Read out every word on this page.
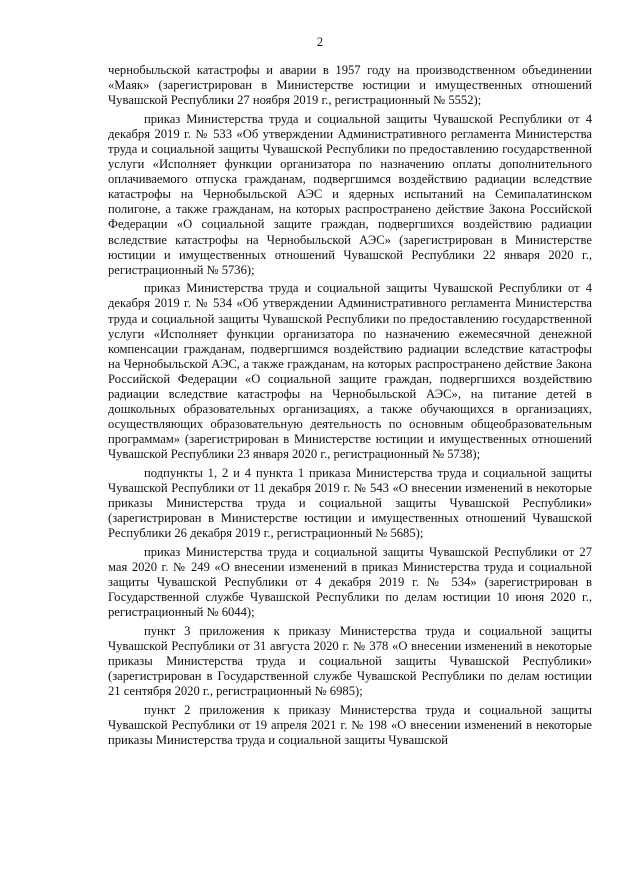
2

чернобыльской катастрофы и аварии в 1957 году на производственном объединении «Маяк» (зарегистрирован в Министерстве юстиции и имущественных отношений Чувашской Республики 27 ноября 2019 г., регистрационный № 5552);

приказ Министерства труда и социальной защиты Чувашской Республики от 4 декабря 2019 г. № 533 «Об утверждении Административного регламента Министерства труда и социальной защиты Чувашской Республики по предоставлению государственной услуги «Исполняет функции организатора по назначению оплаты дополнительного оплачиваемого отпуска гражданам, подвергшимся воздействию радиации вследствие катастрофы на Чернобыльской АЭС и ядерных испытаний на Семипалатинском полигоне, а также гражданам, на которых распространено действие Закона Российской Федерации «О социальной защите граждан, подвергшихся воздействию радиации вследствие катастрофы на Чернобыльской АЭС» (зарегистрирован в Министерстве юстиции и имущественных отношений Чувашской Республики 22 января 2020 г., регистрационный № 5736);

приказ Министерства труда и социальной защиты Чувашской Республики от 4 декабря 2019 г. № 534 «Об утверждении Административного регламента Министерства труда и социальной защиты Чувашской Республики по предоставлению государственной услуги «Исполняет функции организатора по назначению ежемесячной денежной компенсации гражданам, подвергшимся воздействию радиации вследствие катастрофы на Чернобыльской АЭС, а также гражданам, на которых распространено действие Закона Российской Федерации «О социальной защите граждан, подвергшихся воздействию радиации вследствие катастрофы на Чернобыльской АЭС», на питание детей в дошкольных образовательных организациях, а также обучающихся в организациях, осуществляющих образовательную деятельность по основным общеобразовательным программам» (зарегистрирован в Министерстве юстиции и имущественных отношений Чувашской Республики 23 января 2020 г., регистрационный № 5738);

подпункты 1, 2 и 4 пункта 1 приказа Министерства труда и социальной защиты Чувашской Республики от 11 декабря 2019 г. № 543 «О внесении изменений в некоторые приказы Министерства труда и социальной защиты Чувашской Республики» (зарегистрирован в Министерстве юстиции и имущественных отношений Чувашской Республики 26 декабря 2019 г., регистрационный № 5685);

приказ Министерства труда и социальной защиты Чувашской Республики от 27 мая 2020 г. № 249 «О внесении изменений в приказ Министерства труда и социальной защиты Чувашской Республики от 4 декабря 2019 г. № 534» (зарегистрирован в Государственной службе Чувашской Республики по делам юстиции 10 июня 2020 г., регистрационный № 6044);

пункт 3 приложения к приказу Министерства труда и социальной защиты Чувашской Республики от 31 августа 2020 г. № 378 «О внесении изменений в некоторые приказы Министерства труда и социальной защиты Чувашской Республики» (зарегистрирован в Государственной службе Чувашской Республики по делам юстиции 21 сентября 2020 г., регистрационный № 6985);

пункт 2 приложения к приказу Министерства труда и социальной защиты Чувашской Республики от 19 апреля 2021 г. № 198 «О внесении изменений в некоторые приказы Министерства труда и социальной защиты Чувашской
